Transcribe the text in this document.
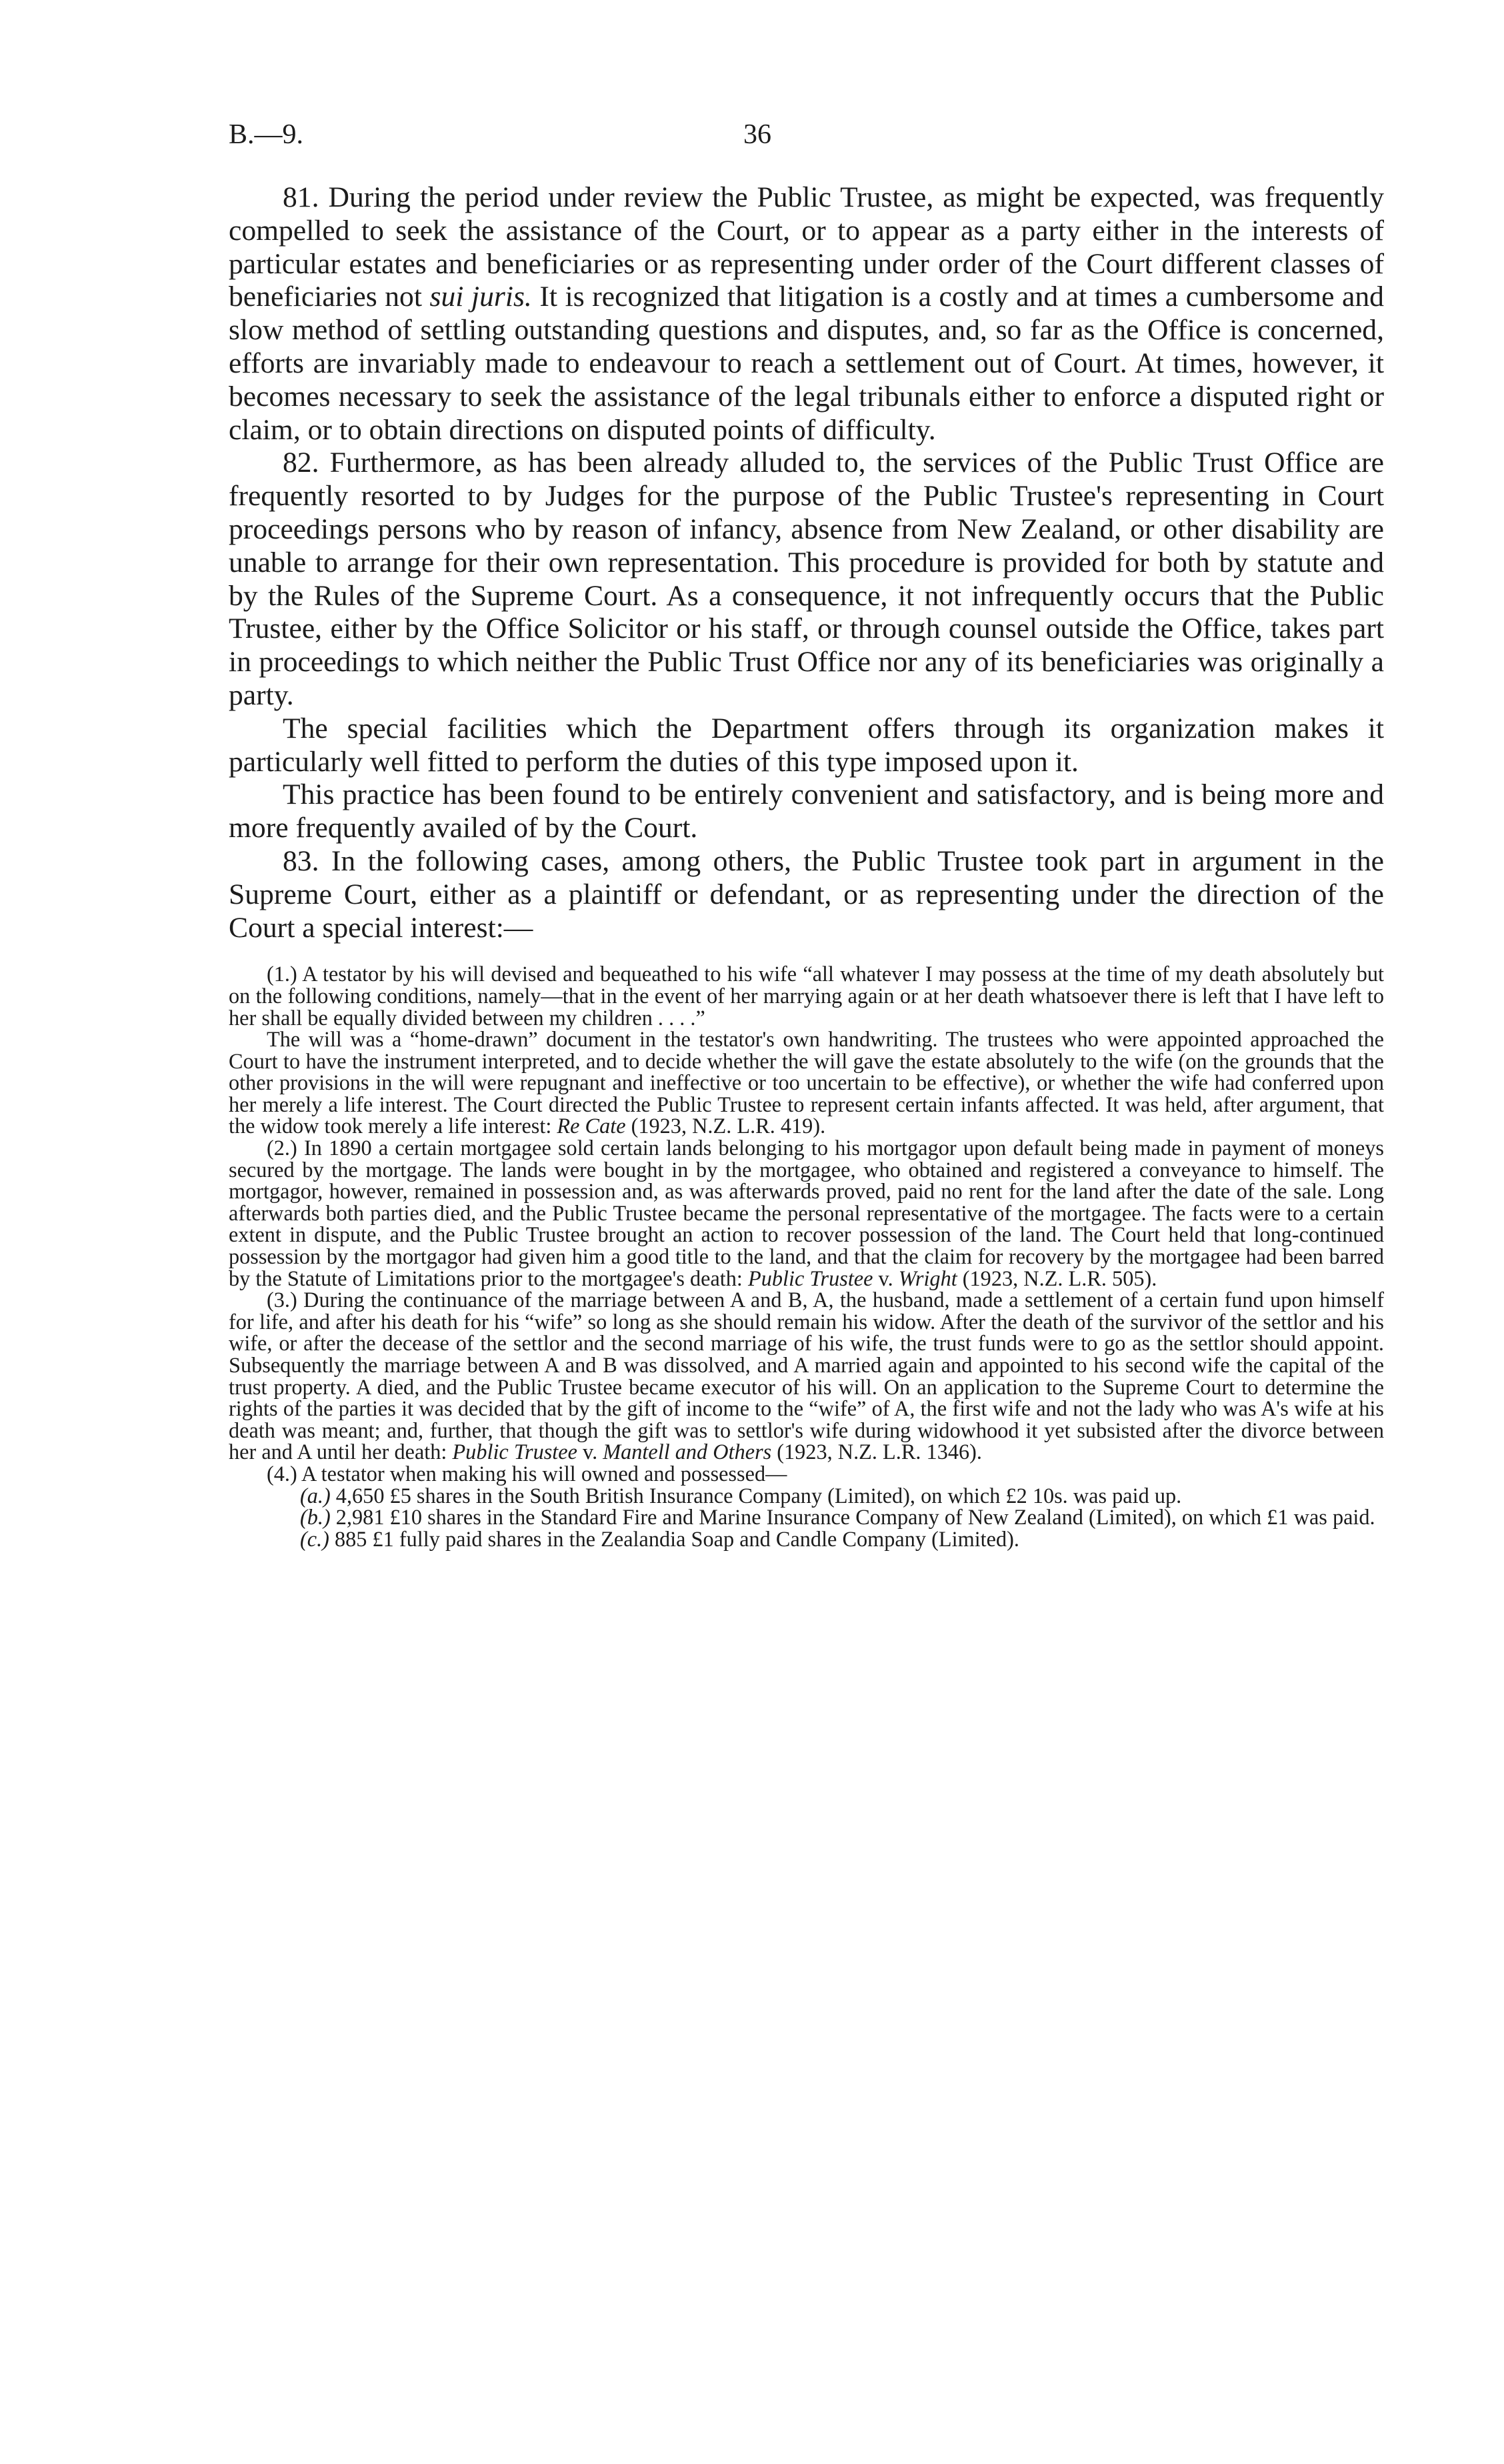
B.—9.	36

81. During the period under review the Public Trustee, as might be expected, was frequently compelled to seek the assistance of the Court, or to appear as a party either in the interests of particular estates and beneficiaries or as representing under order of the Court different classes of beneficiaries not sui juris. It is recognized that litigation is a costly and at times a cumbersome and slow method of settling outstanding questions and disputes, and, so far as the Office is concerned, efforts are invariably made to endeavour to reach a settlement out of Court. At times, however, it becomes necessary to seek the assistance of the legal tribunals either to enforce a disputed right or claim, or to obtain directions on disputed points of difficulty.

82. Furthermore, as has been already alluded to, the services of the Public Trust Office are frequently resorted to by Judges for the purpose of the Public Trustee's representing in Court proceedings persons who by reason of infancy, absence from New Zealand, or other disability are unable to arrange for their own representation. This procedure is provided for both by statute and by the Rules of the Supreme Court. As a consequence, it not infrequently occurs that the Public Trustee, either by the Office Solicitor or his staff, or through counsel outside the Office, takes part in proceedings to which neither the Public Trust Office nor any of its beneficiaries was originally a party.

The special facilities which the Department offers through its organization makes it particularly well fitted to perform the duties of this type imposed upon it.

This practice has been found to be entirely convenient and satisfactory, and is being more and more frequently availed of by the Court.

83. In the following cases, among others, the Public Trustee took part in argument in the Supreme Court, either as a plaintiff or defendant, or as representing under the direction of the Court a special interest:—

(1.) A testator by his will devised and bequeathed to his wife “all whatever I may possess at the time of my death absolutely but on the following conditions, namely—that in the event of her marrying again or at her death whatsoever there is left that I have left to her shall be equally divided between my children . . . .”

The will was a “home-drawn” document in the testator's own handwriting. The trustees who were appointed approached the Court to have the instrument interpreted, and to decide whether the will gave the estate absolutely to the wife (on the grounds that the other provisions in the will were repugnant and ineffective or too uncertain to be effective), or whether the wife had conferred upon her merely a life interest. The Court directed the Public Trustee to represent certain infants affected. It was held, after argument, that the widow took merely a life interest: Re Cate (1923, N.Z. L.R. 419).

(2.) In 1890 a certain mortgagee sold certain lands belonging to his mortgagor upon default being made in payment of moneys secured by the mortgage. The lands were bought in by the mortgagee, who obtained and registered a conveyance to himself. The mortgagor, however, remained in possession and, as was afterwards proved, paid no rent for the land after the date of the sale. Long afterwards both parties died, and the Public Trustee became the personal representative of the mortgagee. The facts were to a certain extent in dispute, and the Public Trustee brought an action to recover possession of the land. The Court held that long-continued possession by the mortgagor had given him a good title to the land, and that the claim for recovery by the mortgagee had been barred by the Statute of Limitations prior to the mortgagee's death: Public Trustee v. Wright (1923, N.Z. L.R. 505).

(3.) During the continuance of the marriage between A and B, A, the husband, made a settlement of a certain fund upon himself for life, and after his death for his “wife” so long as she should remain his widow. After the death of the survivor of the settlor and his wife, or after the decease of the settlor and the second marriage of his wife, the trust funds were to go as the settlor should appoint. Subsequently the marriage between A and B was dissolved, and A married again and appointed to his second wife the capital of the trust property. A died, and the Public Trustee became executor of his will. On an application to the Supreme Court to determine the rights of the parties it was decided that by the gift of income to the “wife” of A, the first wife and not the lady who was A's wife at his death was meant; and, further, that though the gift was to settlor's wife during widowhood it yet subsisted after the divorce between her and A until her death: Public Trustee v. Mantell and Others (1923, N.Z. L.R. 1346).

(4.) A testator when making his will owned and possessed—

(a.) 4,650 £5 shares in the South British Insurance Company (Limited), on which £2 10s. was paid up.
(b.) 2,981 £10 shares in the Standard Fire and Marine Insurance Company of New Zealand (Limited), on which £1 was paid.
(c.) 885 £1 fully paid shares in the Zealandia Soap and Candle Company (Limited).
